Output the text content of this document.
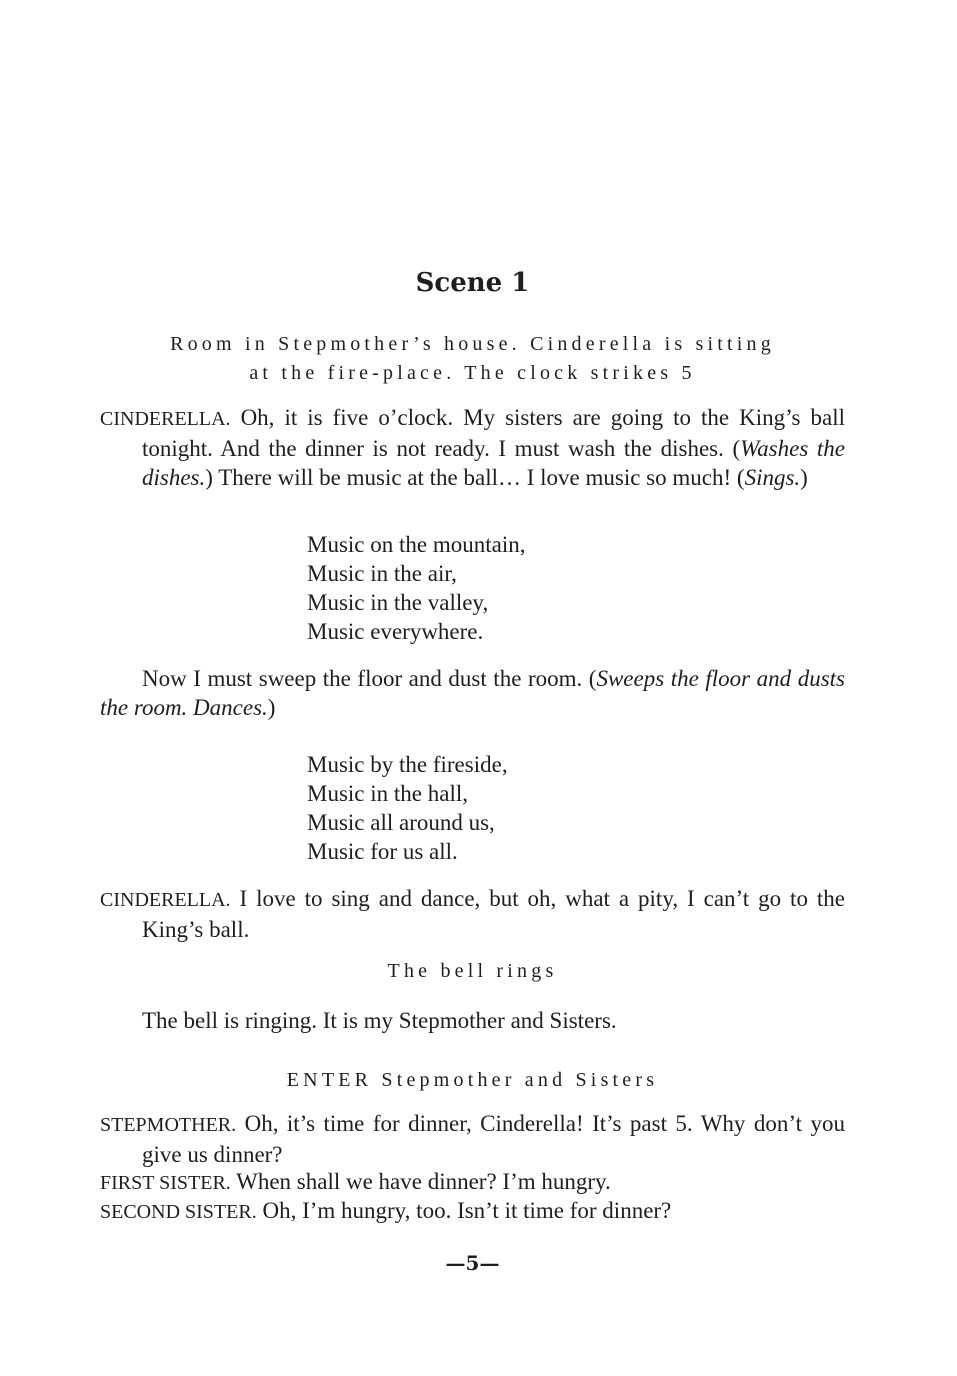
Scene 1
Room in Stepmother’s house. Cinderella is sitting
at the fire-place. The clock strikes 5

CINDERELLA. Oh, it is five o’clock. My sisters are going to the King’s ball tonight. And the dinner is not ready. I must wash the dishes. (Washes the dishes.) There will be music at the ball… I love music so much! (Sings.)

Music on the mountain,
Music in the air,
Music in the valley,
Music everywhere.

Now I must sweep the floor and dust the room. (Sweeps the floor and dusts the room. Dances.)

Music by the fireside,
Music in the hall,
Music all around us,
Music for us all.

CINDERELLA. I love to sing and dance, but oh, what a pity, I can’t go to the King’s ball.

The bell rings

The bell is ringing. It is my Stepmother and Sisters.

ENTER Stepmother and Sisters

STEPMOTHER. Oh, it’s time for dinner, Cinderella! It’s past 5. Why don’t you give us dinner?

FIRST SISTER. When shall we have dinner? I’m hungry.

SECOND SISTER. Oh, I’m hungry, too. Isn’t it time for dinner?

—5—
